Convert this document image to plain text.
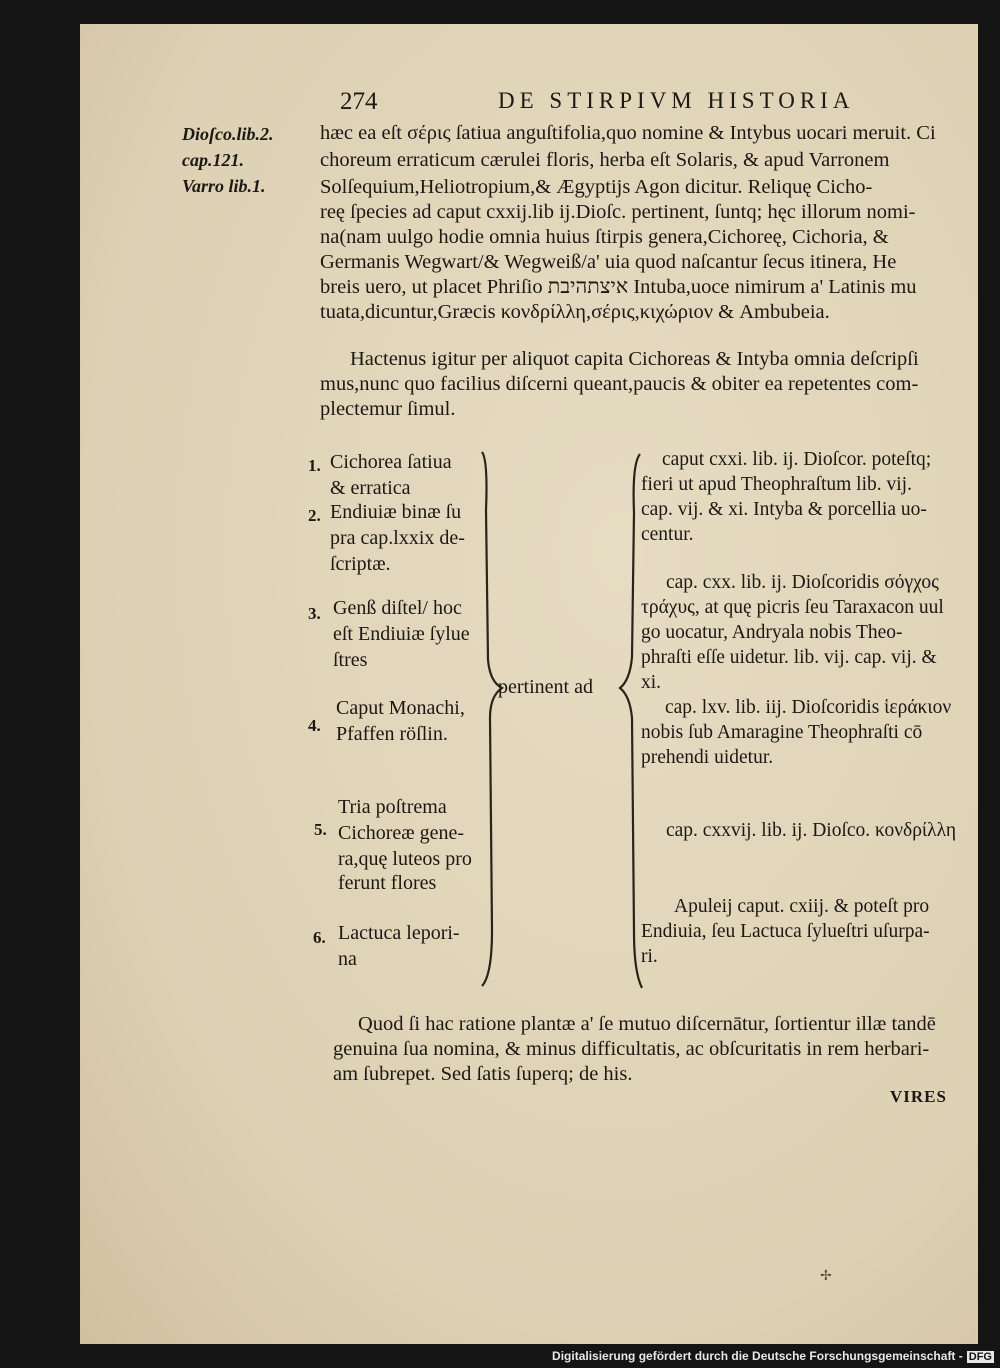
274	DE STIRPIVM HISTORIA
Dioſco.lib.2.
cap.121.
Varro lib.1.
hæc ea eſt σέρις ſatiua anguſtifolia,quo nomine & Intybus uocari meruit. Ci
choreum erraticum cærulei floris, herba eſt Solaris, & apud Varronem
Solſequium,Heliotropium,& Ægyptijs Agon dicitur. Reliquę Cicho-
reę ſpecies ad caput cxxij.lib ij.Dioſc. pertinent, ſuntq; hęc illorum nomi-
na(nam uulgo hodie omnia huius ſtirpis genera,Cichoreę, Cichoria, &
Germanis Wegwart/& Wegweiß/a' uia quod naſcantur ſecus itinera, He
breis uero, ut placet Phriſio איצתהיבת Intuba,uoce nimirum a' Latinis mu
tuata,dicuntur,Græcis κονδρίλλη,σέρις,κιχώριον & Ambubeia.
Hactenus igitur per aliquot capita Cichoreas & Intyba omnia deſcripſi
mus,nunc quo facilius diſcerni queant,paucis & obiter ea repetentes com-
plectemur ſimul.
1. Cichorea ſatiua
& erratica
2. Endiuiæ binæ ſu
pra cap.lxxix de-
ſcriptæ.
3. Genß diſtel/ hoc
eſt Endiuiæ ſylue
ſtres
4.
Caput Monachi,
Pfaffen röſlin.
5.
Tria poſtrema
Cichoreæ gene-
ra,quę luteos pro
ferunt flores
6. Lactuca lepori-
na
pertinent ad
caput cxxi. lib. ij. Dioſcor. poteſtq;
fieri ut apud Theophraſtum lib. vij.
cap. vij. & xi. Intyba & porcellia uo-
centur.
cap. cxx. lib. ij. Dioſcoridis σόγχος
τράχυς, at quę picris ſeu Taraxacon uul
go uocatur, Andryala nobis Theo-
phraſti eſſe uidetur. lib. vij. cap. vij. &
xi.
cap. lxv. lib. iij. Dioſcoridis ἱεράκιον
nobis ſub Amaragine Theophraſti cō
prehendi uidetur.
cap. cxxvij. lib. ij. Dioſco. κονδρίλλη
Apuleij caput. cxiij. & poteſt pro
Endiuia, ſeu Lactuca ſylueſtri uſurpa-
ri.
Quod ſi hac ratione plantæ a' ſe mutuo diſcernātur, ſortientur illæ tandē
genuina ſua nomina, & minus difficultatis, ac obſcuritatis in rem herbari-
am ſubrepet. Sed ſatis ſuperq; de his.
VIRES
✢
Digitalisierung gefördert durch die Deutsche Forschungsgemeinschaft - DFG
